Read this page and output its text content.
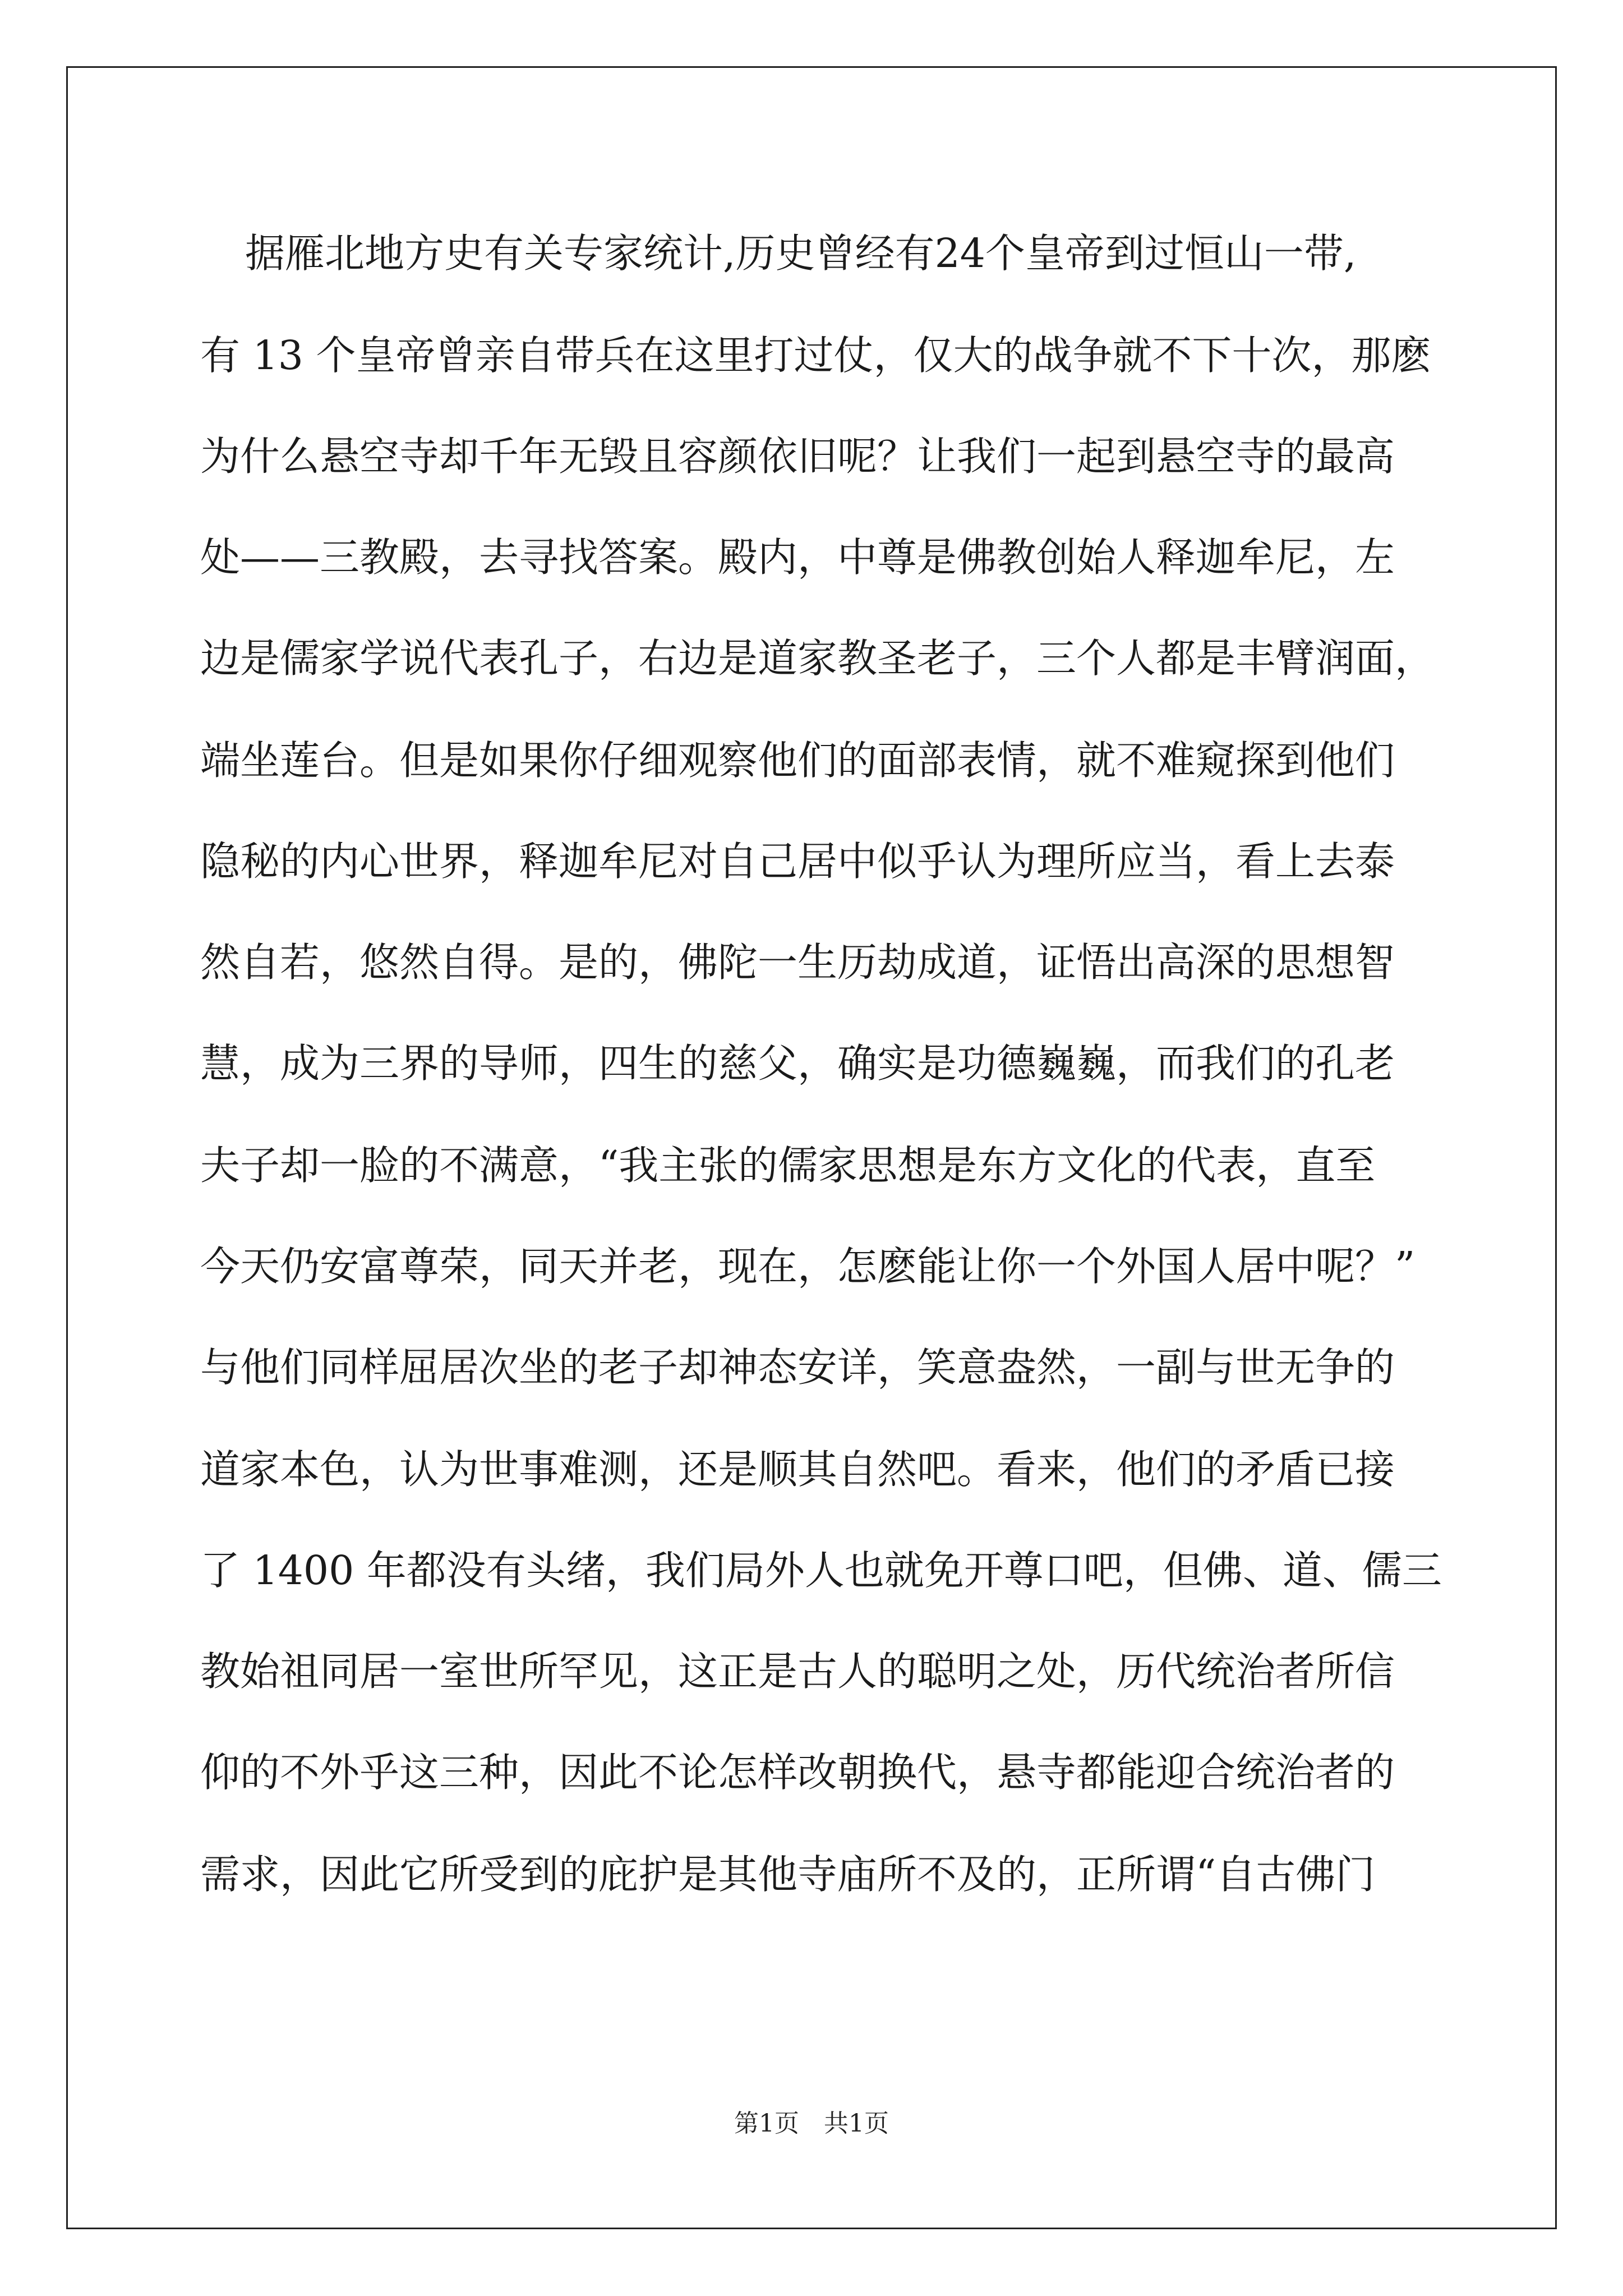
据雁北地方史有关专家统计,历史曾经有24个皇帝到过恒山一带,
有 13 个皇帝曾亲自带兵在这里打过仗，仅大的战争就不下十次，那麽
为什么悬空寺却千年无毁且容颜依旧呢？让我们一起到悬空寺的最高
处——三教殿，去寻找答案。殿内，中尊是佛教创始人释迦牟尼，左
边是儒家学说代表孔子，右边是道家教圣老子，三个人都是丰臂润面，
端坐莲台。但是如果你仔细观察他们的面部表情，就不难窥探到他们
隐秘的内心世界，释迦牟尼对自己居中似乎认为理所应当，看上去泰
然自若，悠然自得。是的，佛陀一生历劫成道，证悟出高深的思想智
慧，成为三界的导师，四生的慈父，确实是功德巍巍，而我们的孔老
夫子却一脸的不满意，“我主张的儒家思想是东方文化的代表，直至
今天仍安富尊荣，同天并老，现在，怎麽能让你一个外国人居中呢？”
与他们同样屈居次坐的老子却神态安详，笑意盎然，一副与世无争的
道家本色，认为世事难测，还是顺其自然吧。看来，他们的矛盾已接
了 1400 年都没有头绪，我们局外人也就免开尊口吧，但佛、道、儒三
教始祖同居一室世所罕见，这正是古人的聪明之处，历代统治者所信
仰的不外乎这三种，因此不论怎样改朝换代，悬寺都能迎合统治者的
需求，因此它所受到的庇护是其他寺庙所不及的，正所谓“自古佛门
第1页　共1页
